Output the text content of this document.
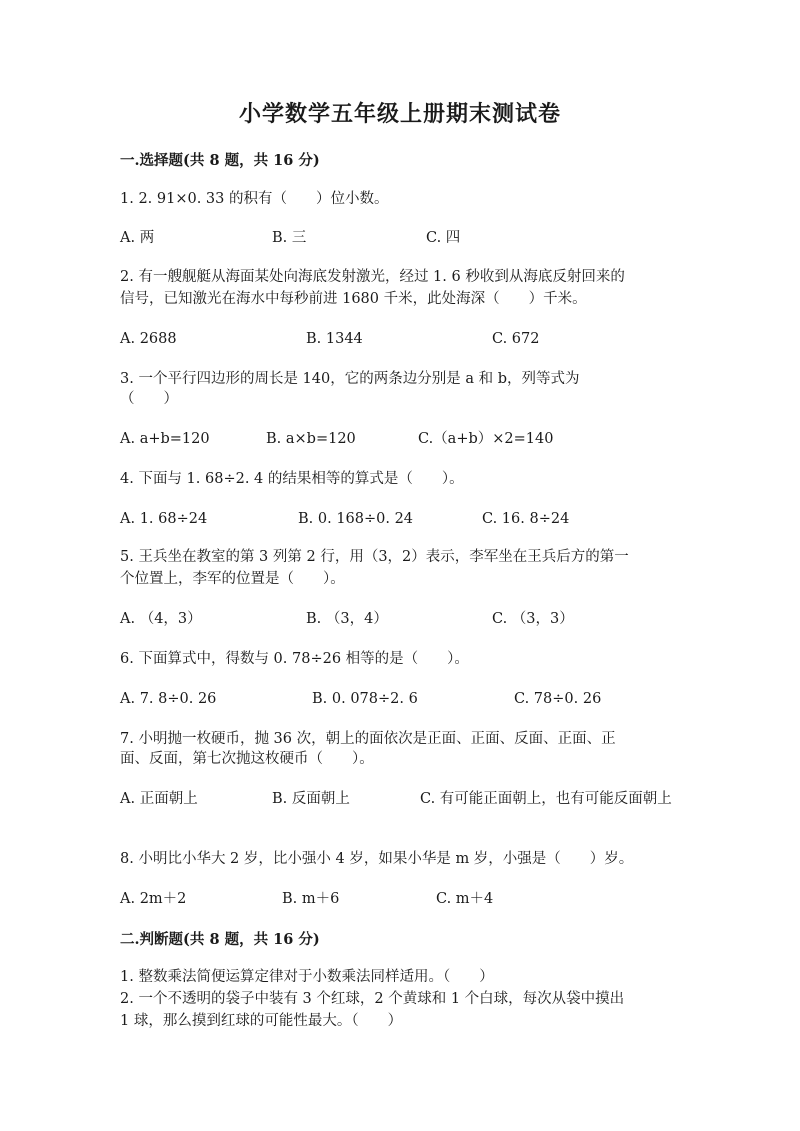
小学数学五年级上册期末测试卷
一.选择题(共 8 题，共 16 分)
1. 2. 91×0. 33 的积有（　　）位小数。
A. 两	B. 三	C. 四
2. 有一艘舰艇从海面某处向海底发射激光，经过 1. 6 秒收到从海底反射回来的
信号，已知激光在海水中每秒前进 1680 千米，此处海深（　　）千米。
A. 2688	B. 1344	C. 672
3. 一个平行四边形的周长是 140，它的两条边分别是 a 和 b，列等式为
（　　）
A. a+b=120	B. a×b=120	C.（a+b）×2=140
4. 下面与 1. 68÷2. 4 的结果相等的算式是（　　）。
A. 1. 68÷24	B. 0. 168÷0. 24	C. 16. 8÷24
5. 王兵坐在教室的第 3 列第 2 行，用（3，2）表示，李军坐在王兵后方的第一
个位置上，李军的位置是（　　）。
A. （4，3）	B. （3，4）	C. （3，3）
6. 下面算式中，得数与 0. 78÷26 相等的是（　　）。
A. 7. 8÷0. 26	B. 0. 078÷2. 6	C. 78÷0. 26
7. 小明抛一枚硬币，抛 36 次，朝上的面依次是正面、正面、反面、正面、正
面、反面，第七次抛这枚硬币（　　）。
A. 正面朝上	B. 反面朝上	C. 有可能正面朝上，也有可能反面朝上
8. 小明比小华大 2 岁，比小强小 4 岁，如果小华是 m 岁，小强是（　　）岁。
A. 2m＋2	B. m＋6	C. m＋4
二.判断题(共 8 题，共 16 分)
1. 整数乘法简便运算定律对于小数乘法同样适用。（　　）
2. 一个不透明的袋子中装有 3 个红球，2 个黄球和 1 个白球，每次从袋中摸出
1 球，那么摸到红球的可能性最大。（　　）
